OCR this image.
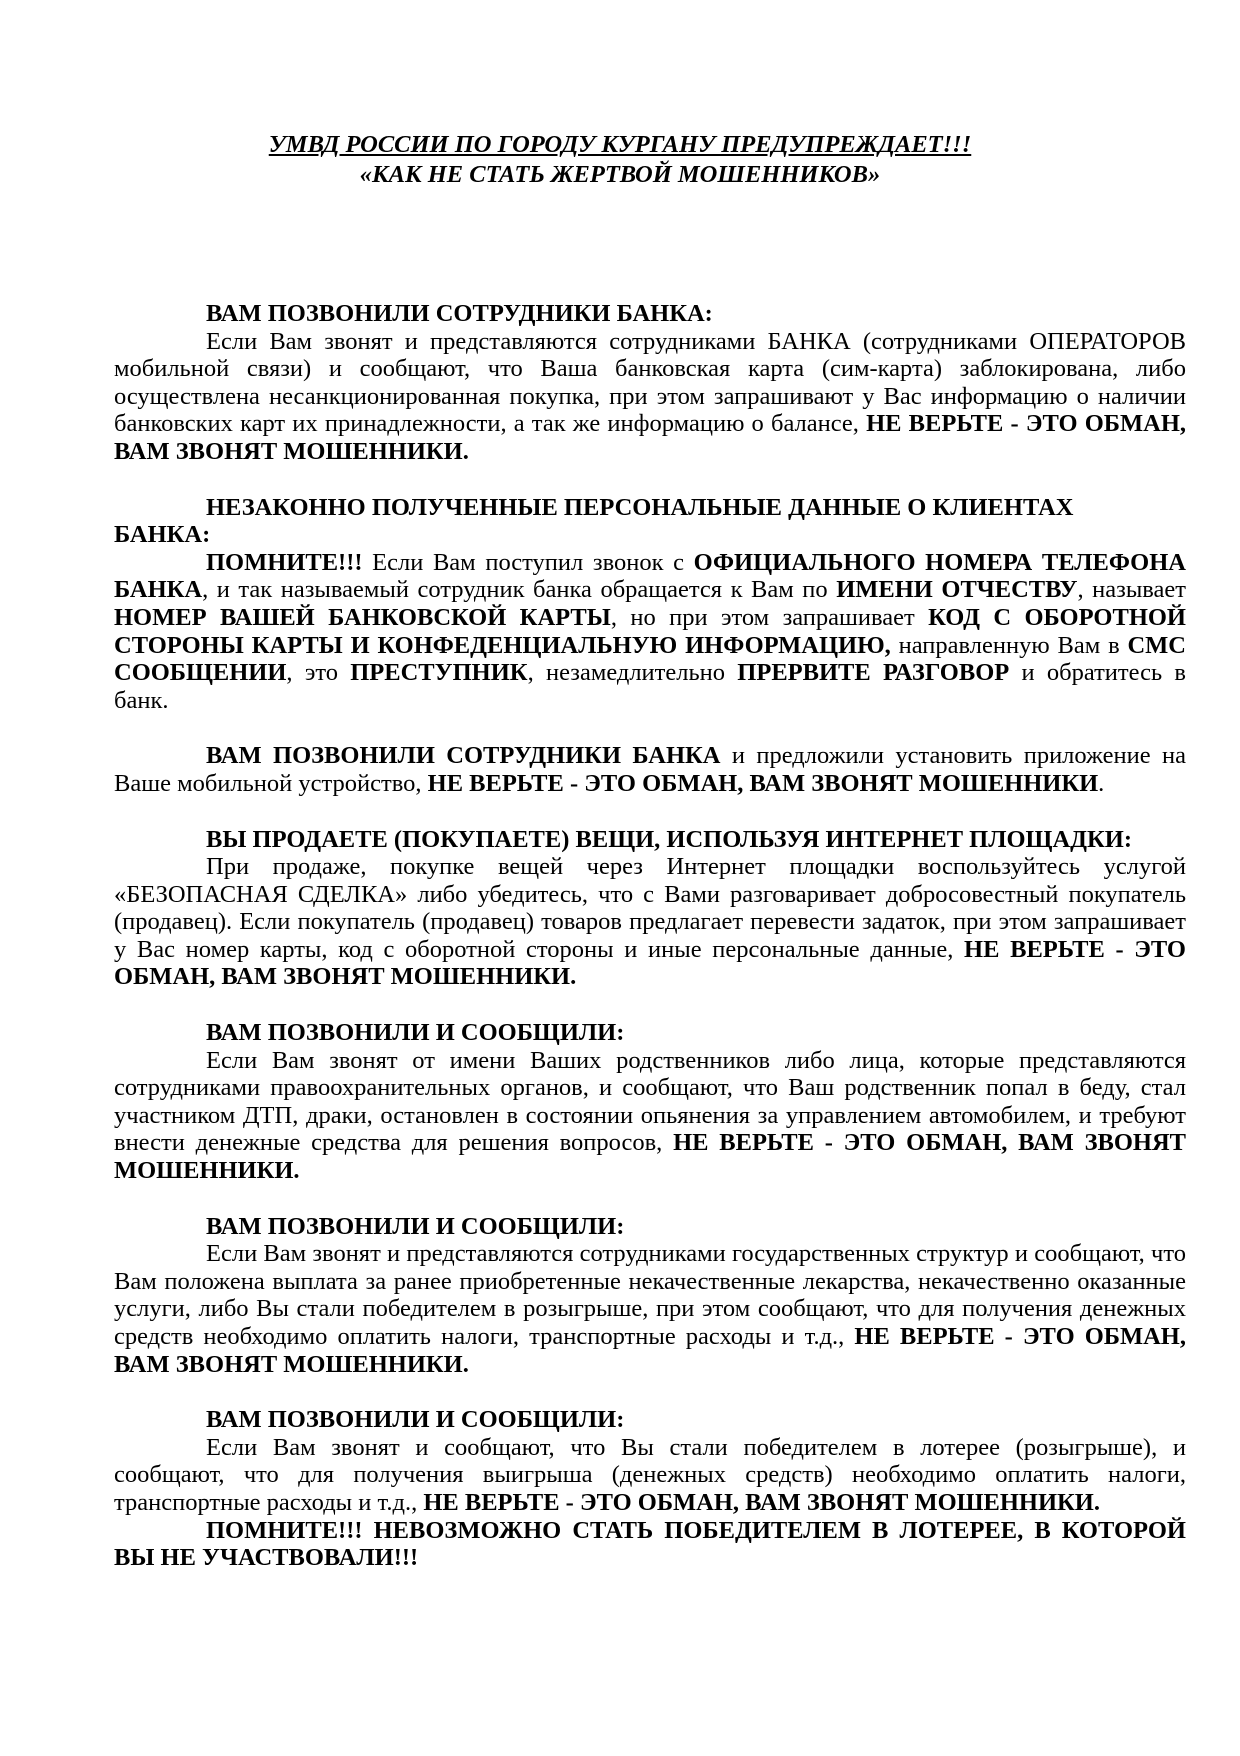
УМВД РОССИИ ПО ГОРОДУ КУРГАНУ ПРЕДУПРЕЖДАЕТ!!!
«КАК НЕ СТАТЬ ЖЕРТВОЙ МОШЕННИКОВ»
ВАМ ПОЗВОНИЛИ СОТРУДНИКИ БАНКА:
Если Вам звонят и представляются сотрудниками БАНКА (сотрудниками ОПЕРАТОРОВ мобильной связи) и сообщают, что Ваша банковская карта (сим-карта) заблокирована, либо осуществлена несанкционированная покупка, при этом запрашивают у Вас информацию о наличии банковских карт их принадлежности, а так же информацию о балансе, НЕ ВЕРЬТЕ - ЭТО ОБМАН, ВАМ ЗВОНЯТ МОШЕННИКИ.
НЕЗАКОННО ПОЛУЧЕННЫЕ ПЕРСОНАЛЬНЫЕ ДАННЫЕ О КЛИЕНТАХ БАНКА:
ПОМНИТЕ!!! Если Вам поступил звонок с ОФИЦИАЛЬНОГО НОМЕРА ТЕЛЕФОНА БАНКА, и так называемый сотрудник банка обращается к Вам по ИМЕНИ ОТЧЕСТВУ, называет НОМЕР ВАШЕЙ БАНКОВСКОЙ КАРТЫ, но при этом запрашивает КОД С ОБОРОТНОЙ СТОРОНЫ КАРТЫ И КОНФЕДЕНЦИАЛЬНУЮ ИНФОРМАЦИЮ, направленную Вам в СМС СООБЩЕНИИ, это ПРЕСТУПНИК, незамедлительно ПРЕРВИТЕ РАЗГОВОР и обратитесь в банк.
ВАМ ПОЗВОНИЛИ СОТРУДНИКИ БАНКА и предложили установить приложение на Ваше мобильной устройство, НЕ ВЕРЬТЕ - ЭТО ОБМАН, ВАМ ЗВОНЯТ МОШЕННИКИ.
ВЫ ПРОДАЕТЕ (ПОКУПАЕТЕ) ВЕЩИ, ИСПОЛЬЗУЯ ИНТЕРНЕТ ПЛОЩАДКИ:
При продаже, покупке вещей через Интернет площадки воспользуйтесь услугой «БЕЗОПАСНАЯ СДЕЛКА» либо убедитесь, что с Вами разговаривает добросовестный покупатель (продавец). Если покупатель (продавец) товаров предлагает перевести задаток, при этом запрашивает у Вас номер карты, код с оборотной стороны и иные персональные данные, НЕ ВЕРЬТЕ - ЭТО ОБМАН, ВАМ ЗВОНЯТ МОШЕННИКИ.
ВАМ ПОЗВОНИЛИ И СООБЩИЛИ:
Если Вам звонят от имени Ваших родственников либо лица, которые представляются сотрудниками правоохранительных органов, и сообщают, что Ваш родственник попал в беду, стал участником ДТП, драки, остановлен в состоянии опьянения за управлением автомобилем, и требуют внести денежные средства для решения вопросов, НЕ ВЕРЬТЕ - ЭТО ОБМАН, ВАМ ЗВОНЯТ МОШЕННИКИ.
ВАМ ПОЗВОНИЛИ И СООБЩИЛИ:
Если Вам звонят и представляются сотрудниками государственных структур и сообщают, что Вам положена выплата за ранее приобретенные некачественные лекарства, некачественно оказанные услуги, либо Вы стали победителем в розыгрыше, при этом сообщают, что для получения денежных средств необходимо оплатить налоги, транспортные расходы и т.д., НЕ ВЕРЬТЕ - ЭТО ОБМАН, ВАМ ЗВОНЯТ МОШЕННИКИ.
ВАМ ПОЗВОНИЛИ И СООБЩИЛИ:
Если Вам звонят и сообщают, что Вы стали победителем в лотерее (розыгрыше), и сообщают, что для получения выигрыша (денежных средств) необходимо оплатить налоги, транспортные расходы и т.д., НЕ ВЕРЬТЕ - ЭТО ОБМАН, ВАМ ЗВОНЯТ МОШЕННИКИ.
ПОМНИТЕ!!! НЕВОЗМОЖНО СТАТЬ ПОБЕДИТЕЛЕМ В ЛОТЕРЕЕ, В КОТОРОЙ ВЫ НЕ УЧАСТВОВАЛИ!!!
